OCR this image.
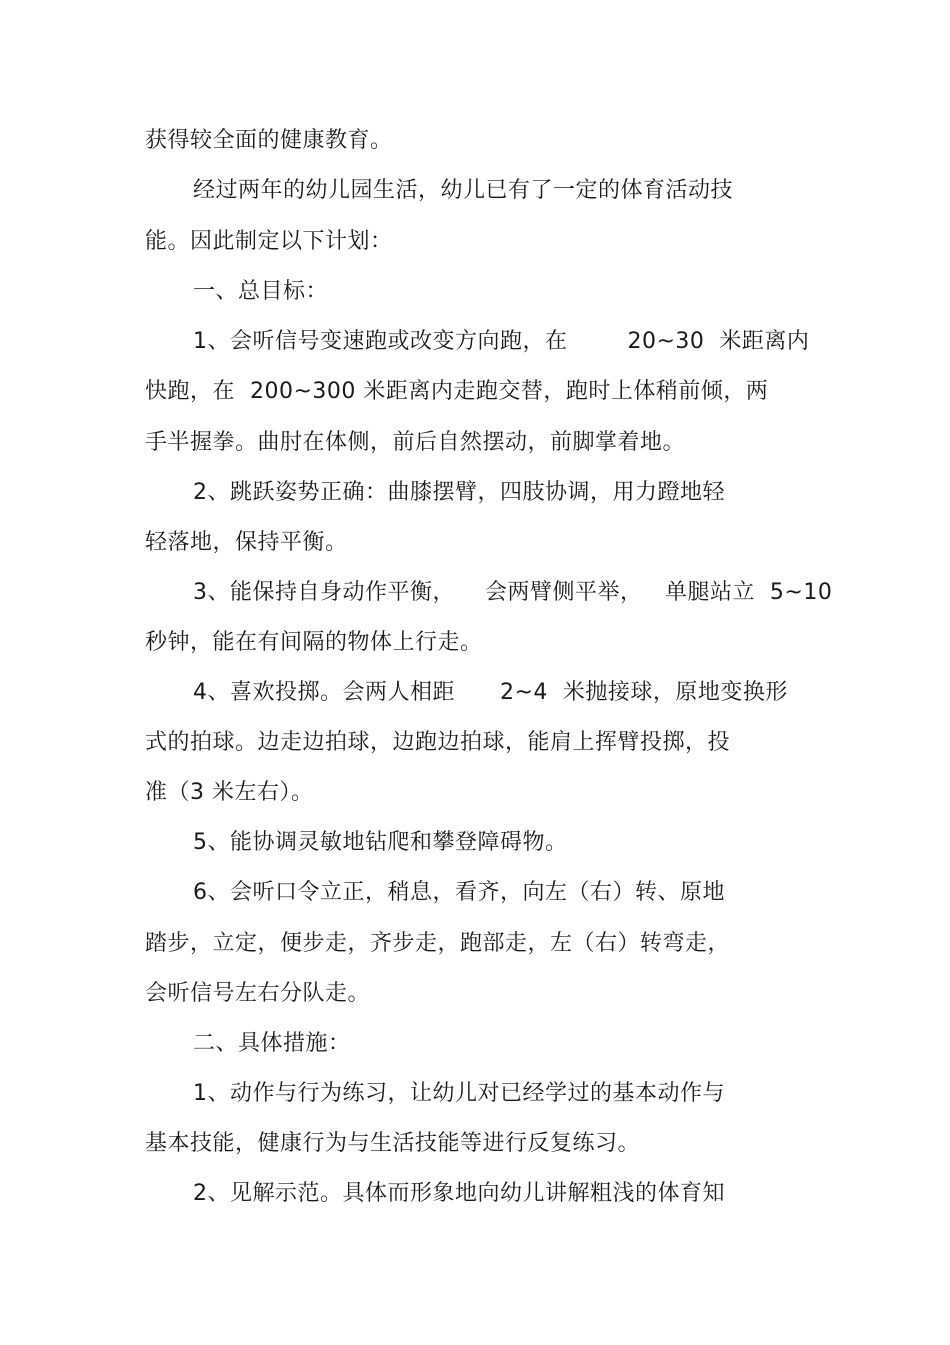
获得较全面的健康教育。

经过两年的幼儿园生活，幼儿已有了一定的体育活动技

能。因此制定以下计划：

一、总目标：

1、会听信号变速跑或改变方向跑，在        20~30  米距离内

快跑，在  200~300 米距离内走跑交替，跑时上体稍前倾，两

手半握拳。曲肘在体侧，前后自然摆动，前脚掌着地。

2、跳跃姿势正确：曲膝摆臂，四肢协调，用力蹬地轻

轻落地，保持平衡。

3、能保持自身动作平衡，    会两臂侧平举，   单腿站立  5~10

秒钟，能在有间隔的物体上行走。

4、喜欢投掷。会两人相距      2~4  米抛接球，原地变换形

式的拍球。边走边拍球，边跑边拍球，能肩上挥臂投掷，投

准（3 米左右）。

5、能协调灵敏地钻爬和攀登障碍物。

6、会听口令立正，稍息，看齐，向左（右）转、原地

踏步，立定，便步走，齐步走，跑部走，左（右）转弯走，

会听信号左右分队走。

二、具体措施：

1、动作与行为练习，让幼儿对已经学过的基本动作与

基本技能，健康行为与生活技能等进行反复练习。

2、见解示范。具体而形象地向幼儿讲解粗浅的体育知
